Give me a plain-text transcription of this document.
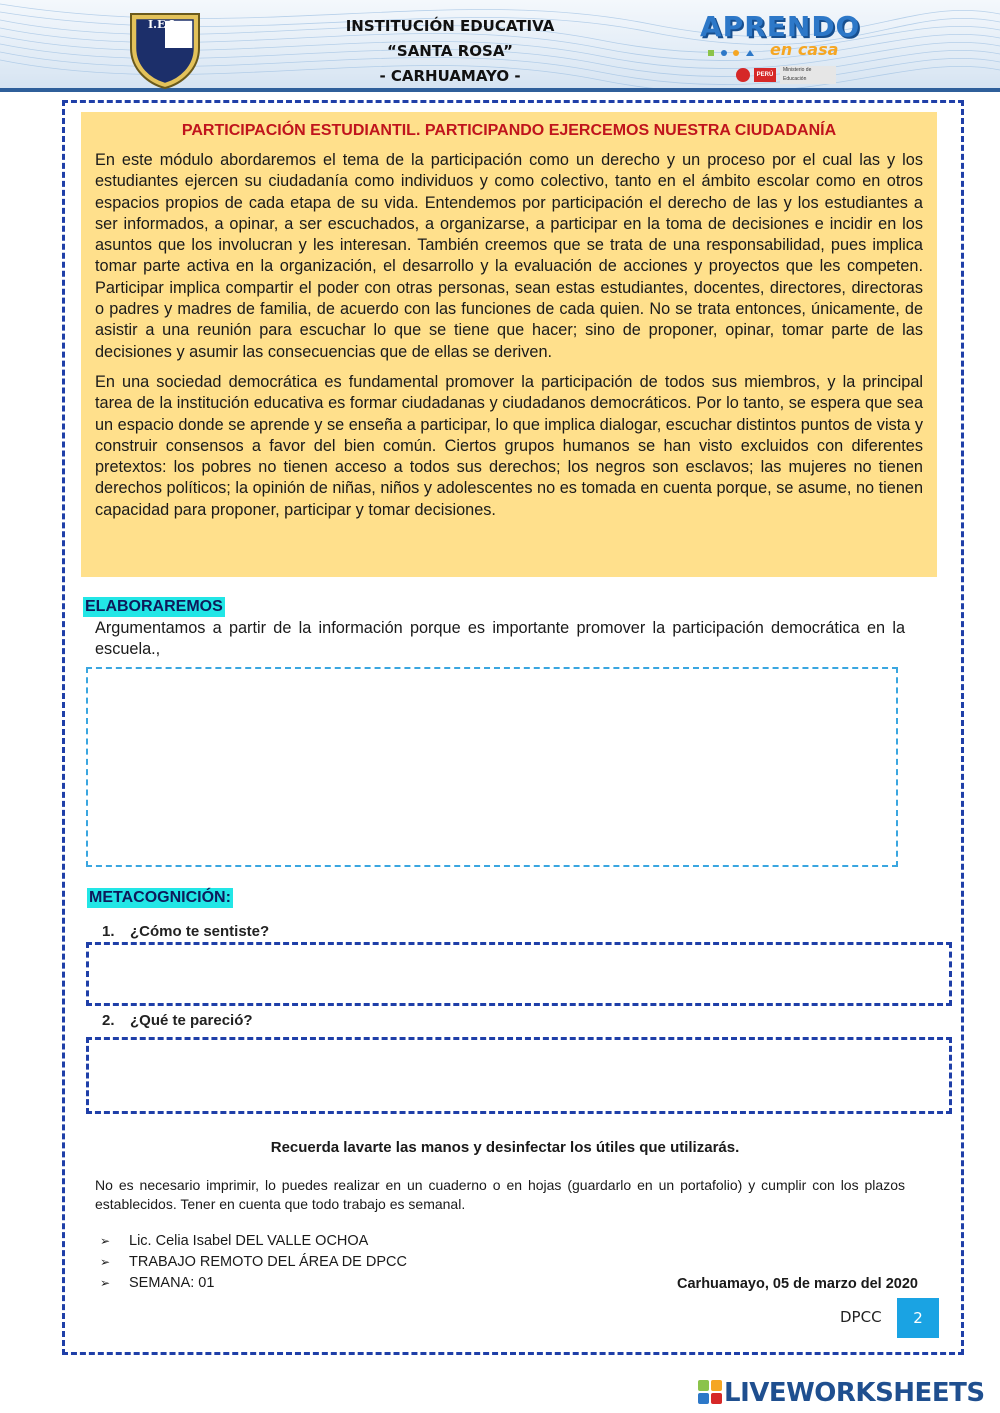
I.E.I.	INSTITUCIÓN EDUCATIVA
“SANTA ROSA”
- CARHUAMAYO -
APRENDO
en casa
PERÚ
Ministerio de Educación
PARTICIPACIÓN ESTUDIANTIL. PARTICIPANDO EJERCEMOS NUESTRA CIUDADANÍA

En este módulo abordaremos el tema de la participación como un derecho y un proceso por el cual las y los estudiantes ejercen su ciudadanía como individuos y como colectivo, tanto en el ámbito escolar como en otros espacios propios de cada etapa de su vida. Entendemos por participación el derecho de las y los estudiantes a ser informados, a opinar, a ser escuchados, a organizarse, a participar en la toma de decisiones e incidir en los asuntos que los involucran y les interesan. También creemos que se trata de una responsabilidad, pues implica tomar parte activa en la organización, el desarrollo y la evaluación de acciones y proyectos que les competen. Participar implica compartir el poder con otras personas, sean estas estudiantes, docentes, directores, directoras o padres y madres de familia, de acuerdo con las funciones de cada quien. No se trata entonces, únicamente, de asistir a una reunión para escuchar lo que se tiene que hacer; sino de proponer, opinar, tomar parte de las decisiones y asumir las consecuencias que de ellas se deriven.

En una sociedad democrática es fundamental promover la participación de todos sus miembros, y la principal tarea de la institución educativa es formar ciudadanas y ciudadanos democráticos. Por lo tanto, se espera que sea un espacio donde se aprende y se enseña a participar, lo que implica dialogar, escuchar distintos puntos de vista y construir consensos a favor del bien común. Ciertos grupos humanos se han visto excluidos con diferentes pretextos: los pobres no tienen acceso a todos sus derechos; los negros son esclavos; las mujeres no tienen derechos políticos; la opinión de niñas, niños y adolescentes no es tomada en cuenta porque, se asume, no tienen capacidad para proponer, participar y tomar decisiones.

ELABORAREMOS

Argumentamos a partir de la información porque es importante promover la participación democrática en la escuela.,

METACOGNICIÓN:
1. ¿Cómo te sentiste?
2. ¿Qué te pareció?
Recuerda lavarte las manos y desinfectar los útiles que utilizarás.

No es necesario imprimir, lo puedes realizar en un cuaderno o en hojas (guardarlo en un portafolio) y cumplir con los plazos establecidos. Tener en cuenta que todo trabajo es semanal.

➢ Lic. Celia Isabel DEL VALLE OCHOA
➢ TRABAJO REMOTO DEL ÁREA DE DPCC
➢ SEMANA: 01	Carhuamayo, 05 de marzo del 2020
DPCC	2
LIVEWORKSHEETS
